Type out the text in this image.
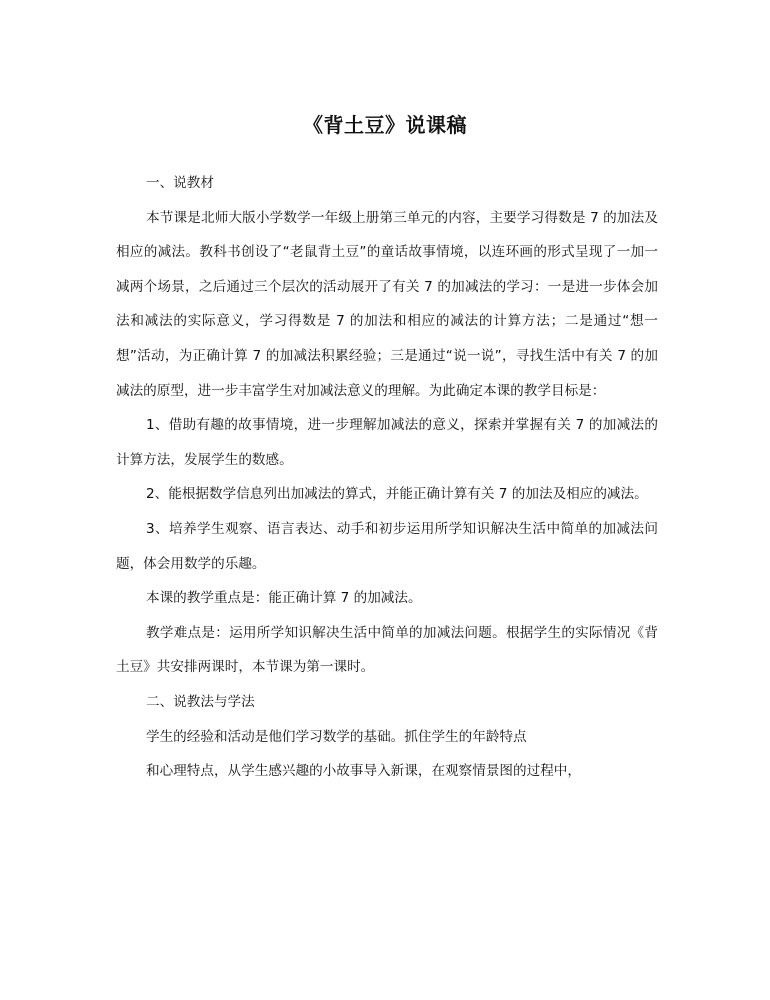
《背土豆》说课稿

一、说教材

本节课是北师大版小学数学一年级上册第三单元的内容，主要学习得数是 7 的加法及相应的减法。教科书创设了“老鼠背土豆”的童话故事情境，以连环画的形式呈现了一加一减两个场景，之后通过三个层次的活动展开了有关 7 的加减法的学习：一是进一步体会加法和减法的实际意义，学习得数是 7 的加法和相应的减法的计算方法；二是通过“想一想”活动，为正确计算 7 的加减法积累经验；三是通过“说一说”，寻找生活中有关 7 的加减法的原型，进一步丰富学生对加减法意义的理解。为此确定本课的教学目标是：

1、借助有趣的故事情境，进一步理解加减法的意义，探索并掌握有关 7 的加减法的计算方法，发展学生的数感。

2、能根据数学信息列出加减法的算式，并能正确计算有关 7 的加法及相应的减法。

3、培养学生观察、语言表达、动手和初步运用所学知识解决生活中简单的加减法问题，体会用数学的乐趣。

本课的教学重点是：能正确计算 7 的加减法。

教学难点是：运用所学知识解决生活中简单的加减法问题。根据学生的实际情况《背土豆》共安排两课时，本节课为第一课时。

二、说教法与学法

学生的经验和活动是他们学习数学的基础。抓住学生的年龄特点

和心理特点，从学生感兴趣的小故事导入新课，在观察情景图的过程中，
